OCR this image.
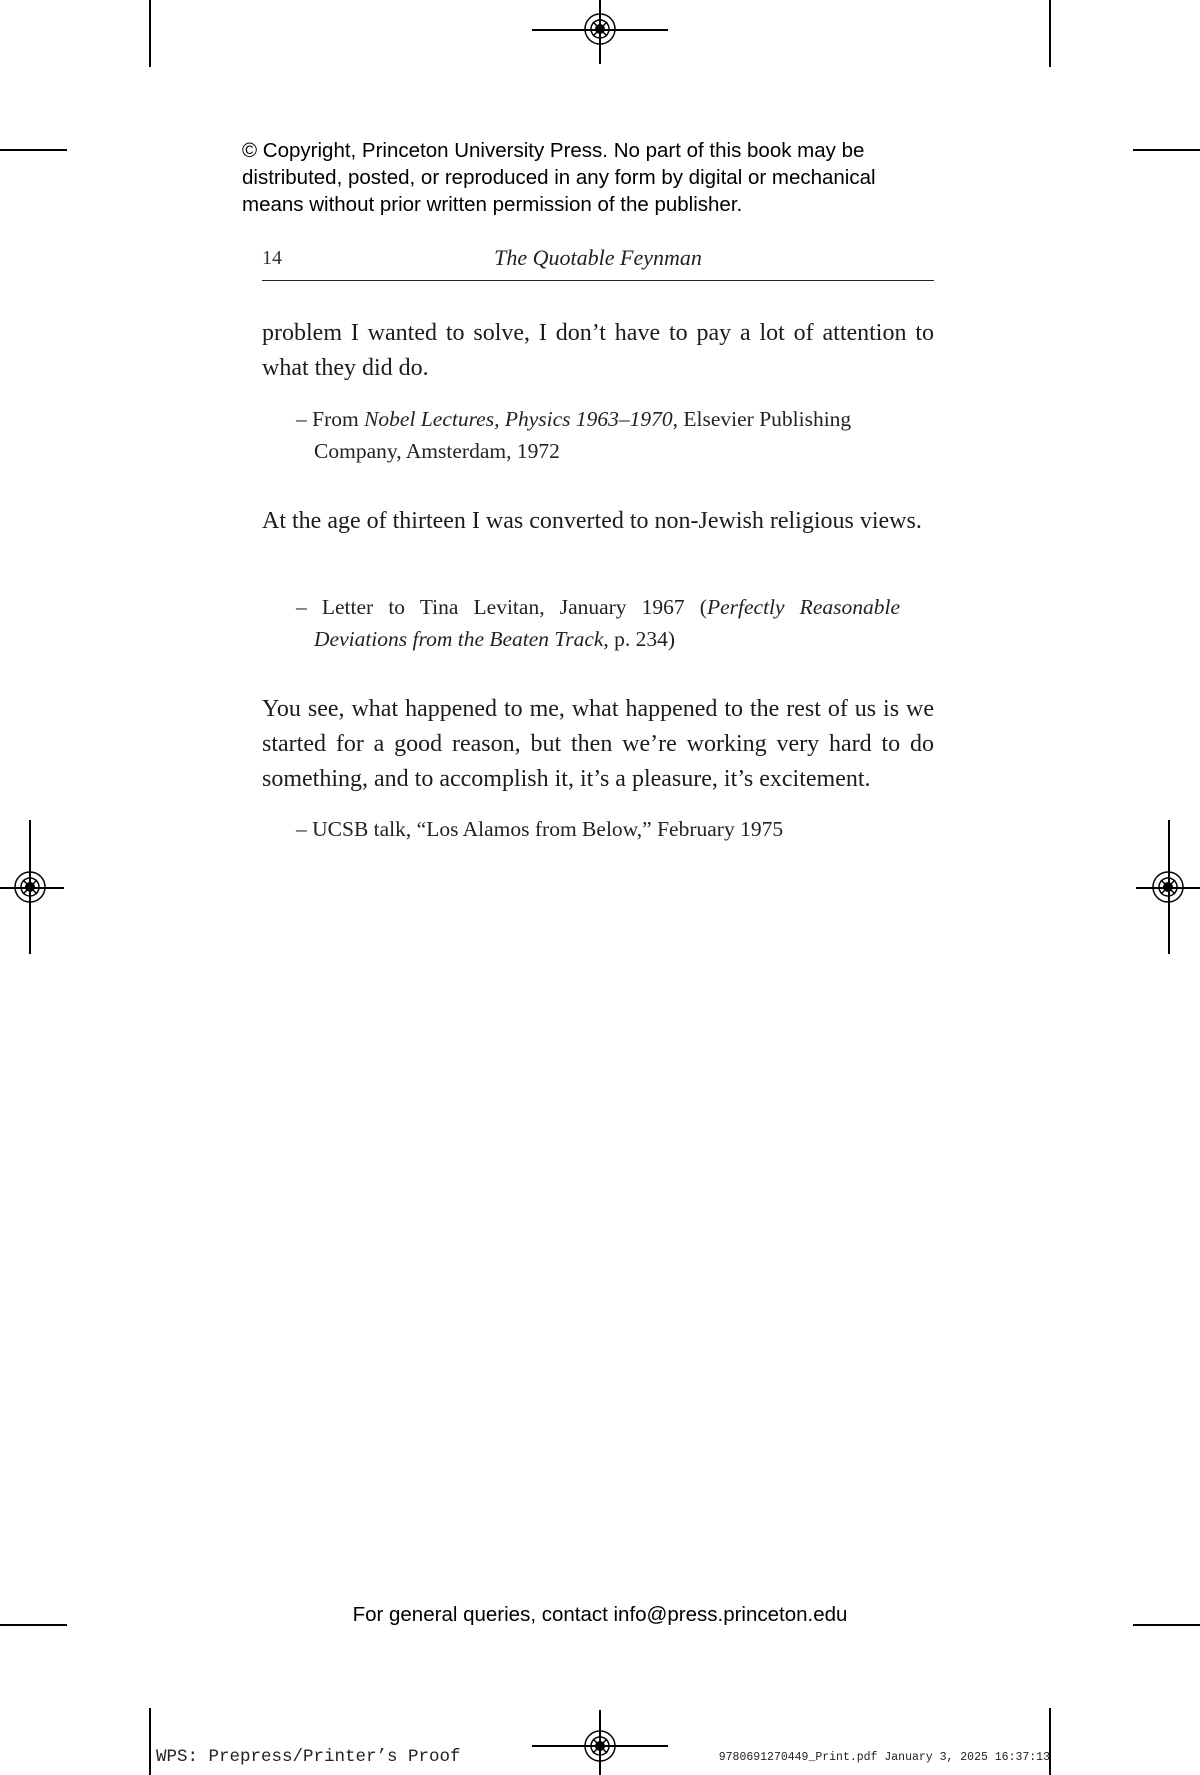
© Copyright, Princeton University Press. No part of this book may be
distributed, posted, or reproduced in any form by digital or mechanical
means without prior written permission of the publisher.
14	The Quotable Feynman
problem I wanted to solve, I don’t have to pay a lot of attention to what they did do.
– From Nobel Lectures, Physics 1963–1970, Elsevier Publishing
Company, Amsterdam, 1972
At the age of thirteen I was converted to non-Jewish religious views.
– Letter to Tina Levitan, January 1967 (Perfectly Reasonable
Deviations from the Beaten Track, p. 234)
You see, what happened to me, what happened to the rest of us is we started for a good reason, but then we’re working very hard to do something, and to accomplish it, it’s a pleasure, it’s excitement.
– UCSB talk, “Los Alamos from Below,” February 1975
For general queries, contact info@press.princeton.edu
WPS: Prepress/Printer’s Proof	9780691270449_Print.pdf January 3, 2025 16:37:13
